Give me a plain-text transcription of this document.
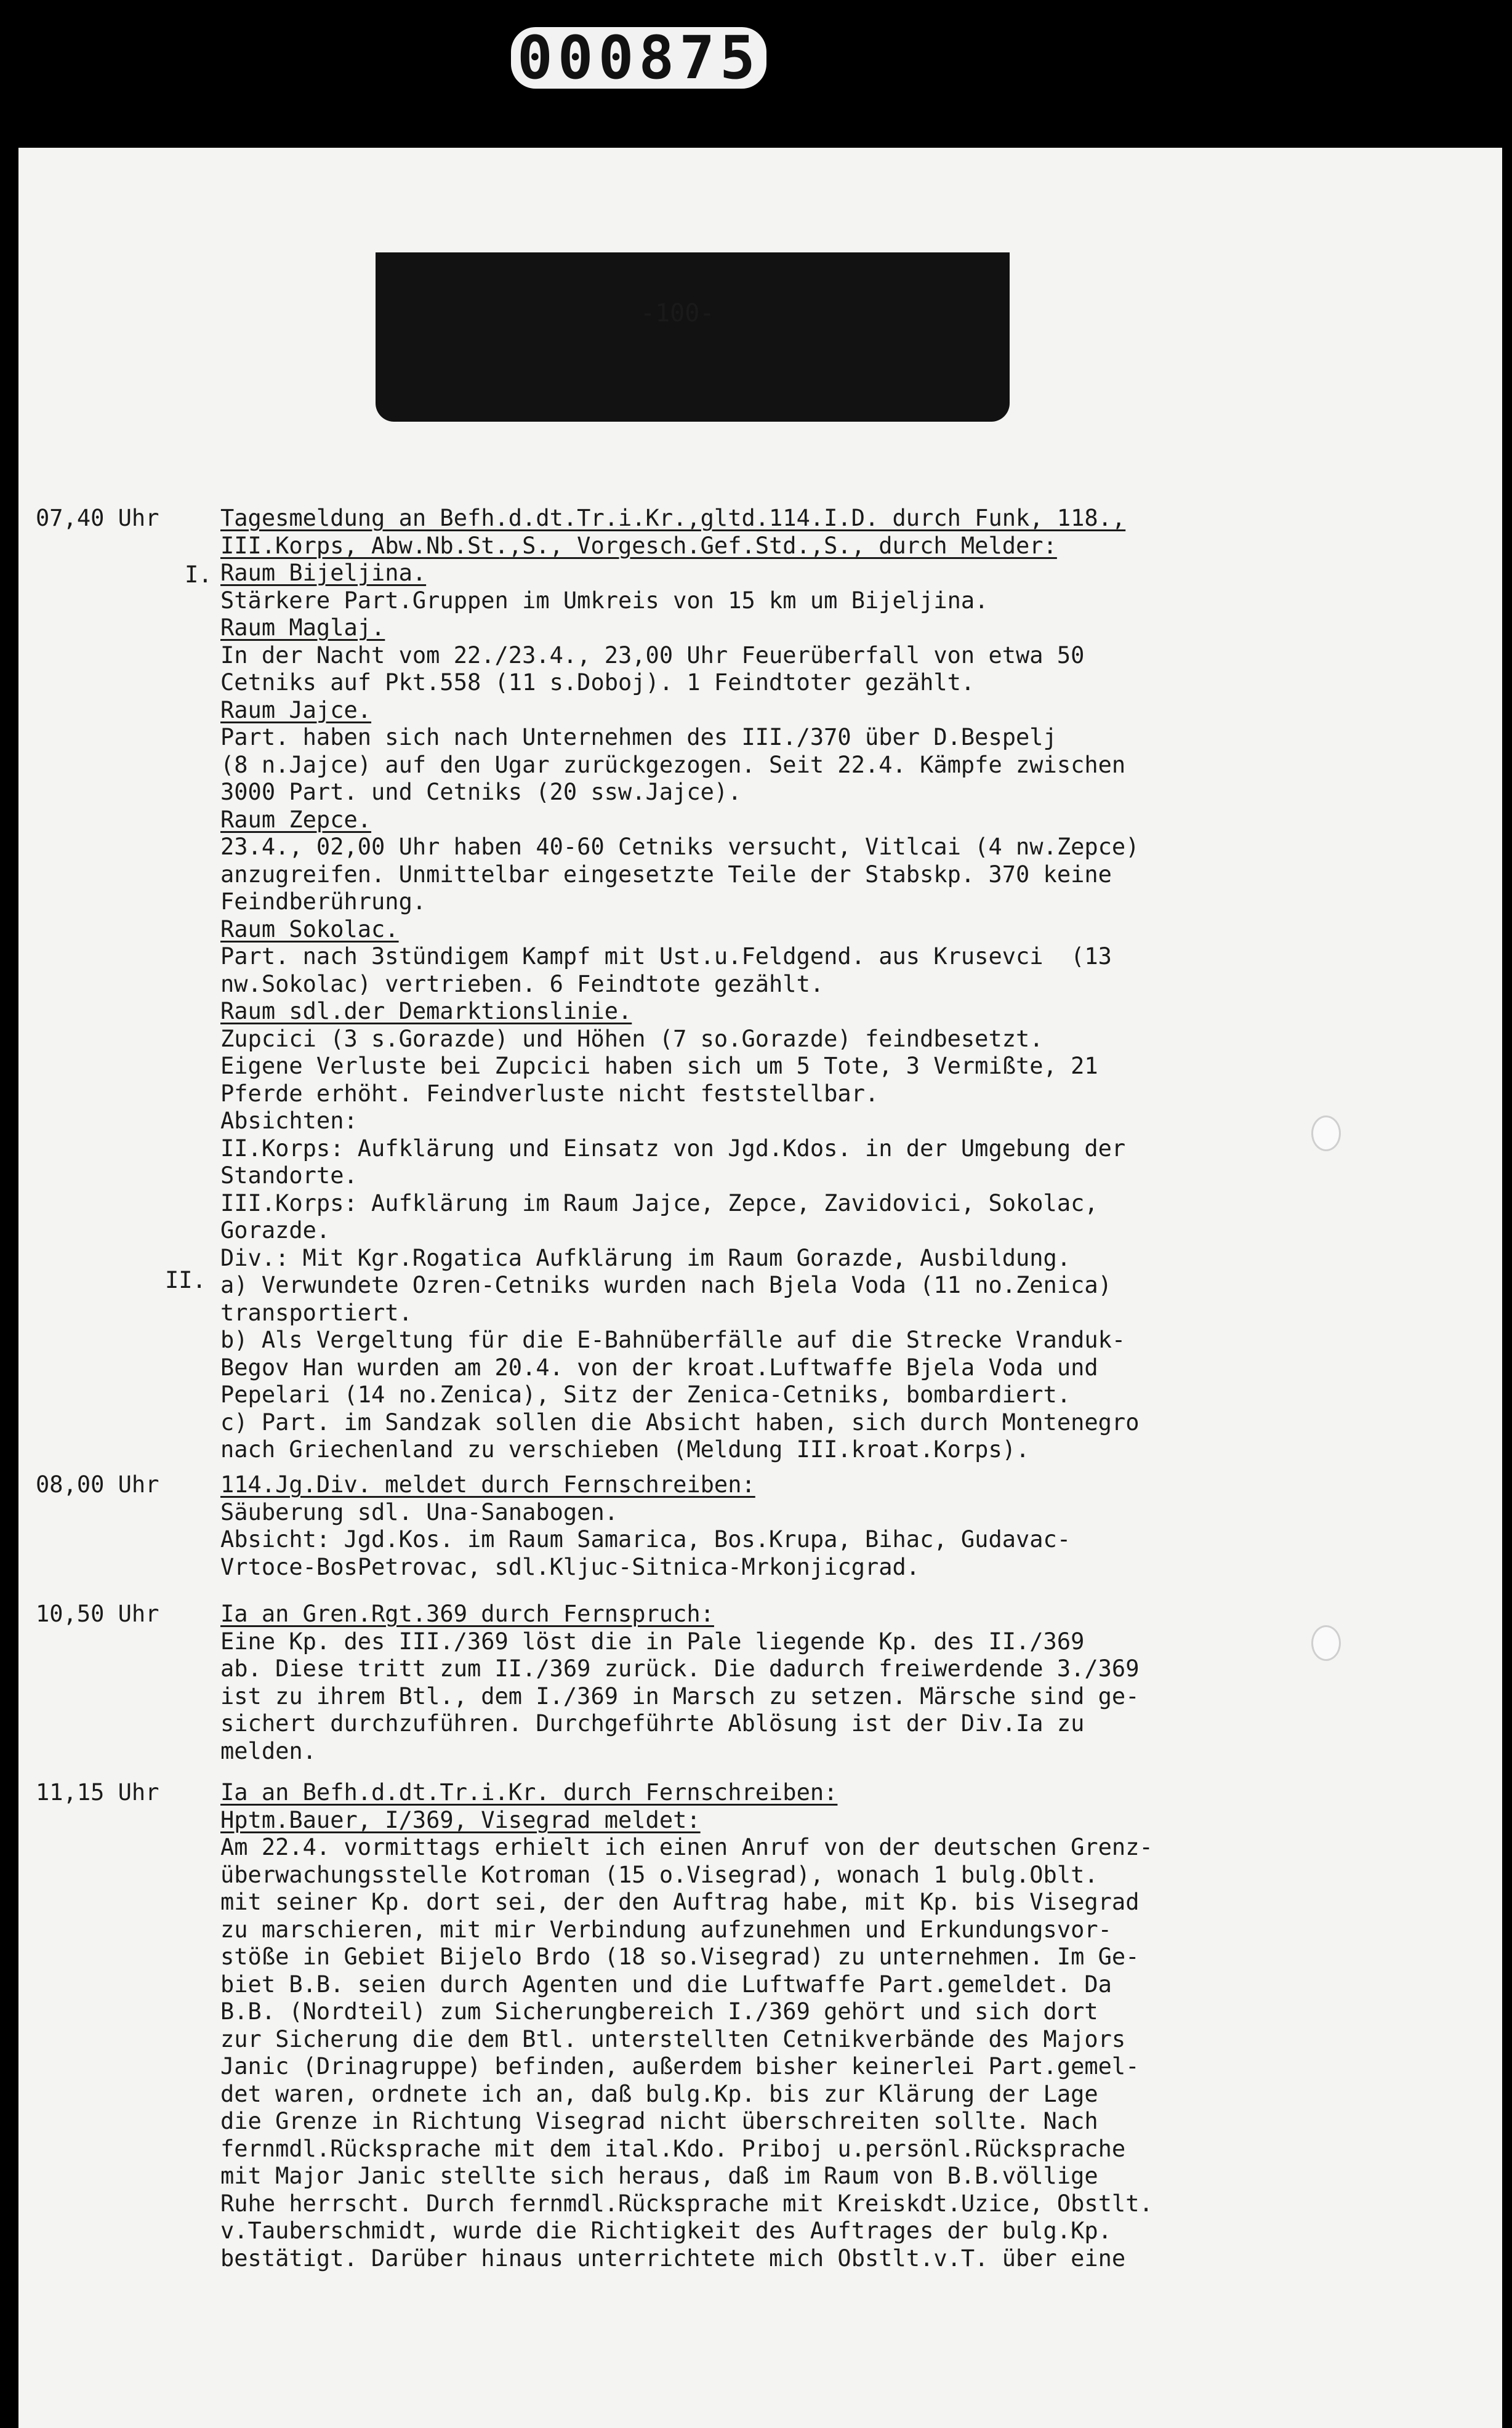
000875
-100-
I.
II.
07,40 Uhr	Tagesmeldung an Befh.d.dt.Tr.i.Kr.,gltd.114.I.D. durch Funk, 118.,
III.Korps, Abw.Nb.St.,S., Vorgesch.Gef.Std.,S., durch Melder:
Raum Bijeljina.
Stärkere Part.Gruppen im Umkreis von 15 km um Bijeljina.
Raum Maglaj.
In der Nacht vom 22./23.4., 23,00 Uhr Feuerüberfall von etwa 50
Cetniks auf Pkt.558 (11 s.Doboj). 1 Feindtoter gezählt.
Raum Jajce.
Part. haben sich nach Unternehmen des III./370 über D.Bespelj
(8 n.Jajce) auf den Ugar zurückgezogen. Seit 22.4. Kämpfe zwischen
3000 Part. und Cetniks (20 ssw.Jajce).
Raum Zepce.
23.4., 02,00 Uhr haben 40-60 Cetniks versucht, Vitlcai (4 nw.Zepce)
anzugreifen. Unmittelbar eingesetzte Teile der Stabskp. 370 keine
Feindberührung.
Raum Sokolac.
Part. nach 3stündigem Kampf mit Ust.u.Feldgend. aus Krusevci  (13
nw.Sokolac) vertrieben. 6 Feindtote gezählt.
Raum sdl.der Demarktionslinie.
Zupcici (3 s.Gorazde) und Höhen (7 so.Gorazde) feindbesetzt.
Eigene Verluste bei Zupcici haben sich um 5 Tote, 3 Vermißte, 21
Pferde erhöht. Feindverluste nicht feststellbar.
Absichten:
II.Korps: Aufklärung und Einsatz von Jgd.Kdos. in der Umgebung der
Standorte.
III.Korps: Aufklärung im Raum Jajce, Zepce, Zavidovici, Sokolac,
Gorazde.
Div.: Mit Kgr.Rogatica Aufklärung im Raum Gorazde, Ausbildung.
a) Verwundete Ozren-Cetniks wurden nach Bjela Voda (11 no.Zenica)
transportiert.
b) Als Vergeltung für die E-Bahnüberfälle auf die Strecke Vranduk-
Begov Han wurden am 20.4. von der kroat.Luftwaffe Bjela Voda und
Pepelari (14 no.Zenica), Sitz der Zenica-Cetniks, bombardiert.
c) Part. im Sandzak sollen die Absicht haben, sich durch Montenegro
nach Griechenland zu verschieben (Meldung III.kroat.Korps).
08,00 Uhr	114.Jg.Div. meldet durch Fernschreiben:
Säuberung sdl. Una-Sanabogen.
Absicht: Jgd.Kos. im Raum Samarica, Bos.Krupa, Bihac, Gudavac-
Vrtoce-BosPetrovac, sdl.Kljuc-Sitnica-Mrkonjicgrad.
10,50 Uhr	Ia an Gren.Rgt.369 durch Fernspruch:
Eine Kp. des III./369 löst die in Pale liegende Kp. des II./369
ab. Diese tritt zum II./369 zurück. Die dadurch freiwerdende 3./369
ist zu ihrem Btl., dem I./369 in Marsch zu setzen. Märsche sind ge-
sichert durchzuführen. Durchgeführte Ablösung ist der Div.Ia zu
melden.
11,15 Uhr	Ia an Befh.d.dt.Tr.i.Kr. durch Fernschreiben:
Hptm.Bauer, I/369, Visegrad meldet:
Am 22.4. vormittags erhielt ich einen Anruf von der deutschen Grenz-
überwachungsstelle Kotroman (15 o.Visegrad), wonach 1 bulg.Oblt.
mit seiner Kp. dort sei, der den Auftrag habe, mit Kp. bis Visegrad
zu marschieren, mit mir Verbindung aufzunehmen und Erkundungsvor-
stöße in Gebiet Bijelo Brdo (18 so.Visegrad) zu unternehmen. Im Ge-
biet B.B. seien durch Agenten und die Luftwaffe Part.gemeldet. Da
B.B. (Nordteil) zum Sicherungbereich I./369 gehört und sich dort
zur Sicherung die dem Btl. unterstellten Cetnikverbände des Majors
Janic (Drinagruppe) befinden, außerdem bisher keinerlei Part.gemel-
det waren, ordnete ich an, daß bulg.Kp. bis zur Klärung der Lage
die Grenze in Richtung Visegrad nicht überschreiten sollte. Nach
fernmdl.Rücksprache mit dem ital.Kdo. Priboj u.persönl.Rücksprache
mit Major Janic stellte sich heraus, daß im Raum von B.B.völlige
Ruhe herrscht. Durch fernmdl.Rücksprache mit Kreiskdt.Uzice, Obstlt.
v.Tauberschmidt, wurde die Richtigkeit des Auftrages der bulg.Kp.
bestätigt. Darüber hinaus unterrichtete mich Obstlt.v.T. über eine
